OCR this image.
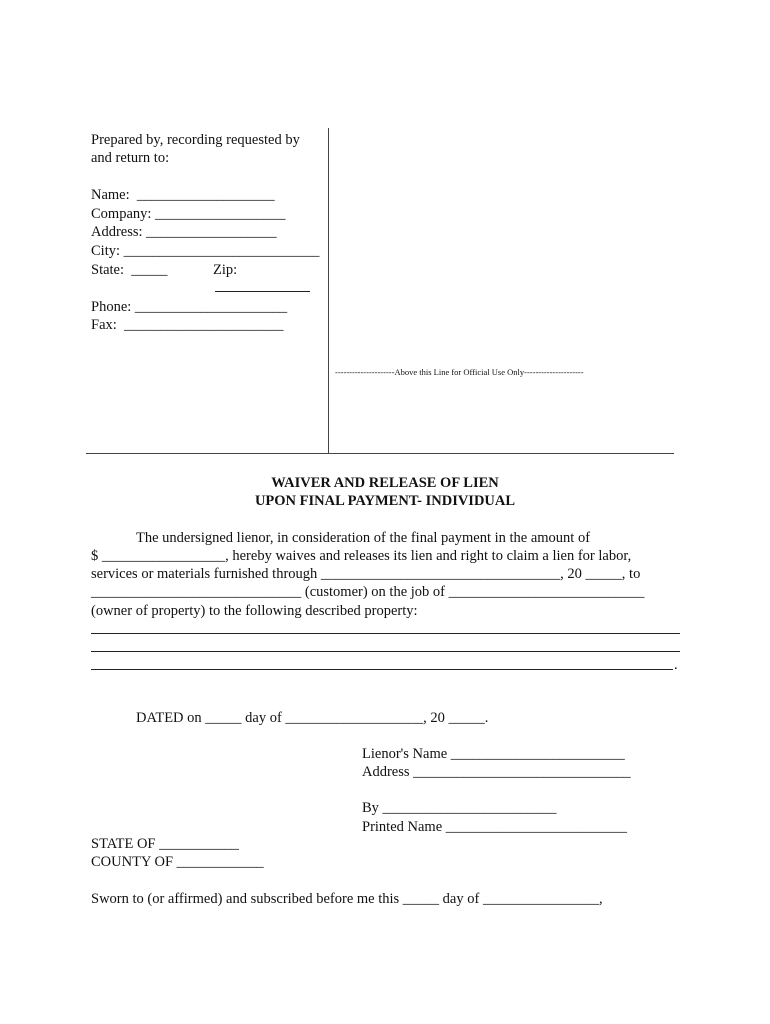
Prepared by, recording requested by
and return to:
Name:  ___________________
Company: __________________
Address: __________________
City: ___________________________
State:  _____	Zip:
Phone: _____________________
Fax:  ______________________
---------------------Above this Line for Official Use Only---------------------
WAIVER AND RELEASE OF LIEN
UPON FINAL PAYMENT- INDIVIDUAL
The undersigned lienor, in consideration of the final payment in the amount of
$ _________________, hereby waives and releases its lien and right to claim a lien for labor,
services or materials furnished through _________________________________, 20 _____, to
_____________________________ (customer) on the job of ___________________________
(owner of property) to the following described property:
.
DATED on _____ day of ___________________, 20 _____.
Lienor's Name ________________________
Address ______________________________
By ________________________
Printed Name _________________________
STATE OF ___________
COUNTY OF ____________
Sworn to (or affirmed) and subscribed before me this _____ day of ________________,
